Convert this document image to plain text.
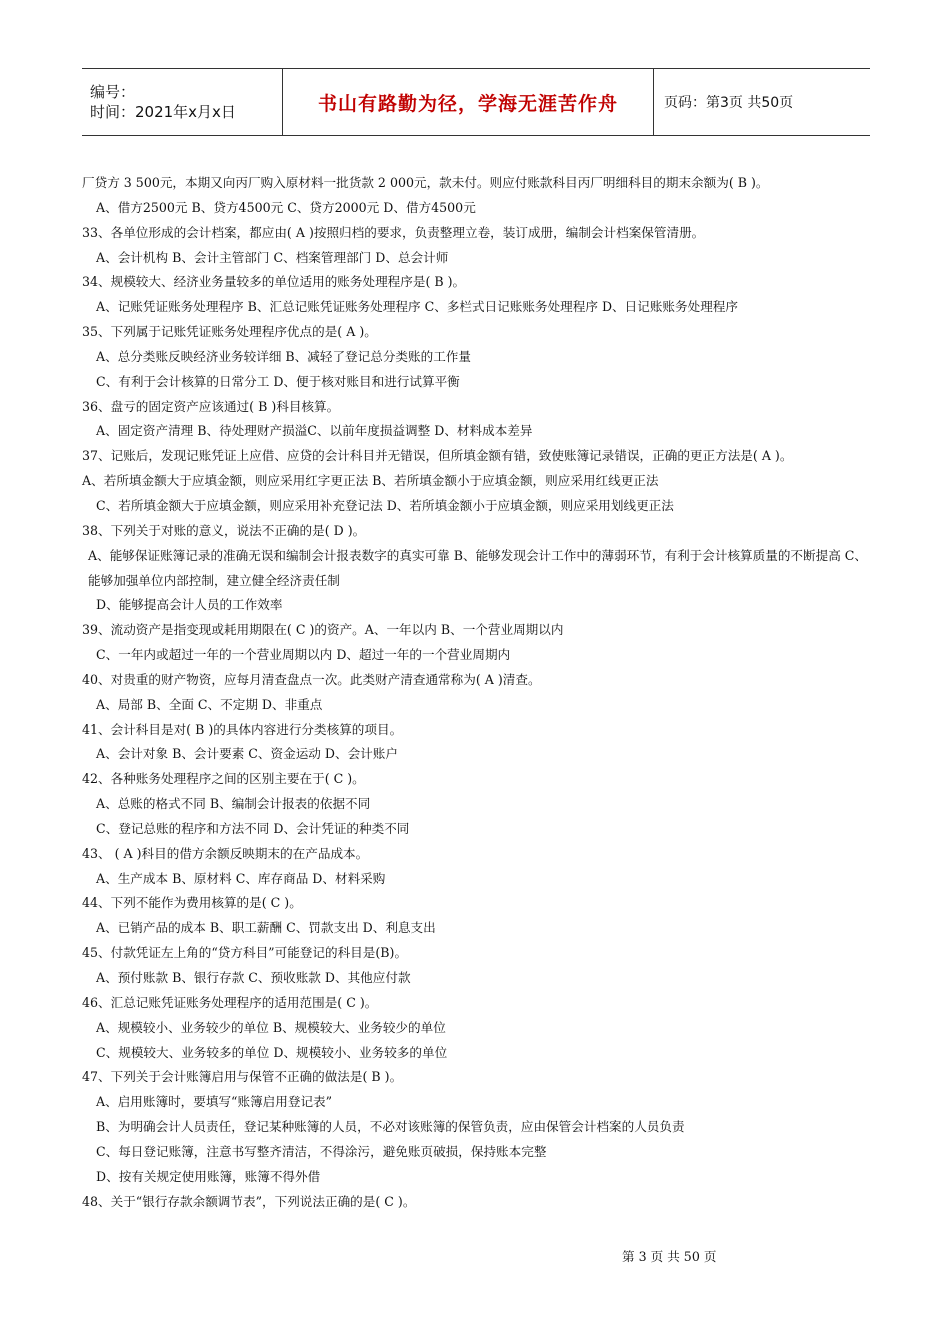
编号：
时间：2021年x月x日	书山有路勤为径，学海无涯苦作舟	页码：第3页 共50页
厂贷方 3 500元，本期又向丙厂购入原材料一批货款 2 000元，款未付。则应付账款科目丙厂明细科目的期末余额为( B )。
A、借方2500元 B、贷方4500元 C、贷方2000元 D、借方4500元
33、各单位形成的会计档案，都应由( A )按照归档的要求，负责整理立卷，装订成册，编制会计档案保管清册。
A、会计机构 B、会计主管部门 C、档案管理部门 D、总会计师
34、规模较大、经济业务量较多的单位适用的账务处理程序是( B )。
A、记账凭证账务处理程序 B、汇总记账凭证账务处理程序 C、多栏式日记账账务处理程序 D、日记账账务处理程序
35、下列属于记账凭证账务处理程序优点的是( A )。
A、总分类账反映经济业务较详细 B、减轻了登记总分类账的工作量
C、有利于会计核算的日常分工 D、便于核对账目和进行试算平衡
36、盘亏的固定资产应该通过( B )科目核算。
A、固定资产清理 B、待处理财产损溢C、以前年度损益调整 D、材料成本差异
37、记账后，发现记账凭证上应借、应贷的会计科目并无错误，但所填金额有错，致使账簿记录错误，正确的更正方法是( A )。
A、若所填金额大于应填金额，则应采用红字更正法 B、若所填金额小于应填金额，则应采用红线更正法
C、若所填金额大于应填金额，则应采用补充登记法 D、若所填金额小于应填金额，则应采用划线更正法
38、下列关于对账的意义，说法不正确的是( D )。
A、能够保证账簿记录的准确无误和编制会计报表数字的真实可靠 B、能够发现会计工作中的薄弱环节，有利于会计核算质量的不断提高 C、能够加强单位内部控制，建立健全经济责任制
D、能够提高会计人员的工作效率
39、流动资产是指变现或耗用期限在( C )的资产。A、一年以内 B、一个营业周期以内
C、一年内或超过一年的一个营业周期以内 D、超过一年的一个营业周期内
40、对贵重的财产物资，应每月清查盘点一次。此类财产清查通常称为( A )清查。
A、局部 B、全面 C、不定期 D、非重点
41、会计科目是对( B )的具体内容进行分类核算的项目。
A、会计对象 B、会计要素 C、资金运动 D、会计账户
42、各种账务处理程序之间的区别主要在于( C )。
A、总账的格式不同 B、编制会计报表的依据不同
C、登记总账的程序和方法不同 D、会计凭证的种类不同
43、 ( A )科目的借方余额反映期末的在产品成本。
A、生产成本 B、原材料 C、库存商品 D、材料采购
44、下列不能作为费用核算的是( C )。
A、已销产品的成本 B、职工薪酬 C、罚款支出 D、利息支出
45、付款凭证左上角的“贷方科目”可能登记的科目是(B)。
A、预付账款 B、银行存款 C、预收账款 D、其他应付款
46、汇总记账凭证账务处理程序的适用范围是( C )。
A、规模较小、业务较少的单位 B、规模较大、业务较少的单位
C、规模较大、业务较多的单位 D、规模较小、业务较多的单位
47、下列关于会计账簿启用与保管不正确的做法是( B )。
A、启用账簿时，要填写“账簿启用登记表”
B、为明确会计人员责任，登记某种账簿的人员，不必对该账簿的保管负责，应由保管会计档案的人员负责
C、每日登记账簿，注意书写整齐清洁，不得涂污，避免账页破损，保持账本完整
D、按有关规定使用账簿，账簿不得外借
48、关于“银行存款余额调节表”，下列说法正确的是( C )。
第 3 页 共 50 页
